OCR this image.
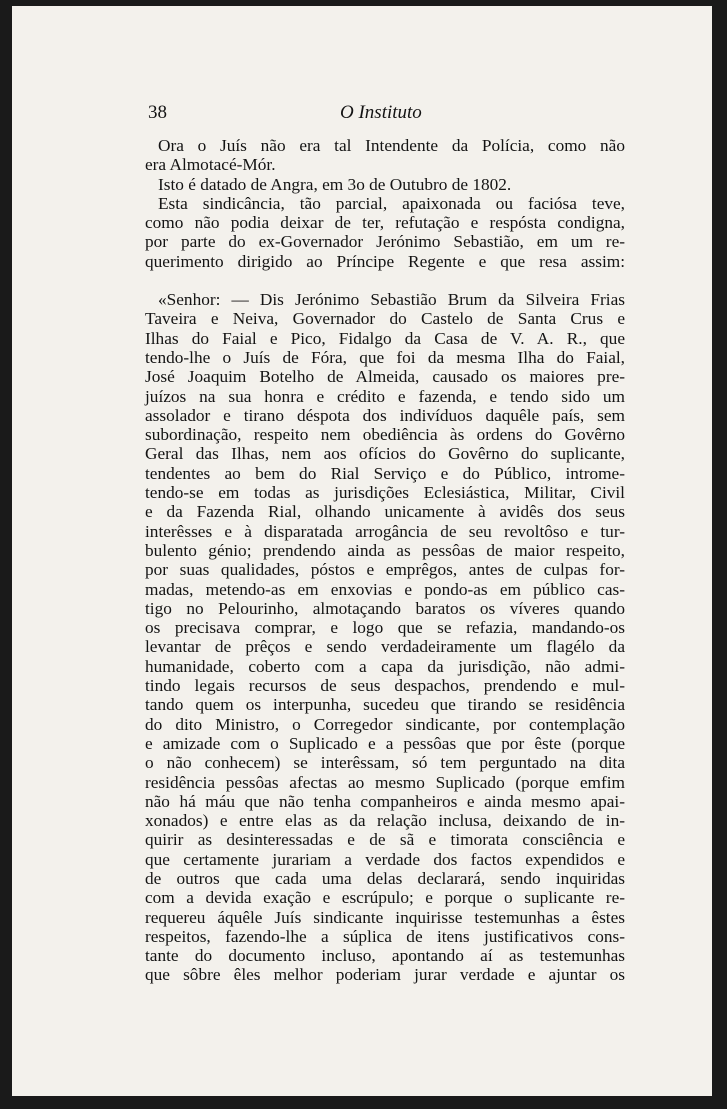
38	O Instituto
Ora o Juís não era tal Intendente da Polícia, como não
era Almotacé-Mór.
Isto é datado de Angra, em 3o de Outubro de 1802.
Esta sindicância, tão parcial, apaixonada ou faciósa teve,
como não podia deixar de ter, refutação e respósta condigna,
por parte do ex-Governador Jerónimo Sebastião, em um re-
querimento dirigido ao Príncipe Regente e que resa assim:
«Senhor: — Dis Jerónimo Sebastião Brum da Silveira Frias
Taveira e Neiva, Governador do Castelo de Santa Crus e
Ilhas do Faial e Pico, Fidalgo da Casa de V. A. R., que
tendo-lhe o Juís de Fóra, que foi da mesma Ilha do Faial,
José Joaquim Botelho de Almeida, causado os maiores pre-
juízos na sua honra e crédito e fazenda, e tendo sido um
assolador e tirano déspota dos indivíduos daquêle país, sem
subordinação, respeito nem obediência às ordens do Govêrno
Geral das Ilhas, nem aos ofícios do Govêrno do suplicante,
tendentes ao bem do Rial Serviço e do Público, introme-
tendo-se em todas as jurisdições Eclesiástica, Militar, Civil
e da Fazenda Rial, olhando unicamente à avidês dos seus
interêsses e à disparatada arrogância de seu revoltôso e tur-
bulento génio; prendendo ainda as pessôas de maior respeito,
por suas qualidades, póstos e emprêgos, antes de culpas for-
madas, metendo-as em enxovias e pondo-as em público cas-
tigo no Pelourinho, almotaçando baratos os víveres quando
os precisava comprar, e logo que se refazia, mandando-os
levantar de prêços e sendo verdadeiramente um flagélo da
humanidade, coberto com a capa da jurisdição, não admi-
tindo legais recursos de seus despachos, prendendo e mul-
tando quem os interpunha, sucedeu que tirando se residência
do dito Ministro, o Corregedor sindicante, por contemplação
e amizade com o Suplicado e a pessôas que por êste (porque
o não conhecem) se interêssam, só tem perguntado na dita
residência pessôas afectas ao mesmo Suplicado (porque emfim
não há máu que não tenha companheiros e ainda mesmo apai-
xonados) e entre elas as da relação inclusa, deixando de in-
quirir as desinteressadas e de sã e timorata consciência e
que certamente jurariam a verdade dos factos expendidos e
de outros que cada uma delas declarará, sendo inquiridas
com a devida exação e escrúpulo; e porque o suplicante re-
requereu áquêle Juís sindicante inquirisse testemunhas a êstes
respeitos, fazendo-lhe a súplica de itens justificativos cons-
tante do documento incluso, apontando aí as testemunhas
que sôbre êles melhor poderiam jurar verdade e ajuntar os
